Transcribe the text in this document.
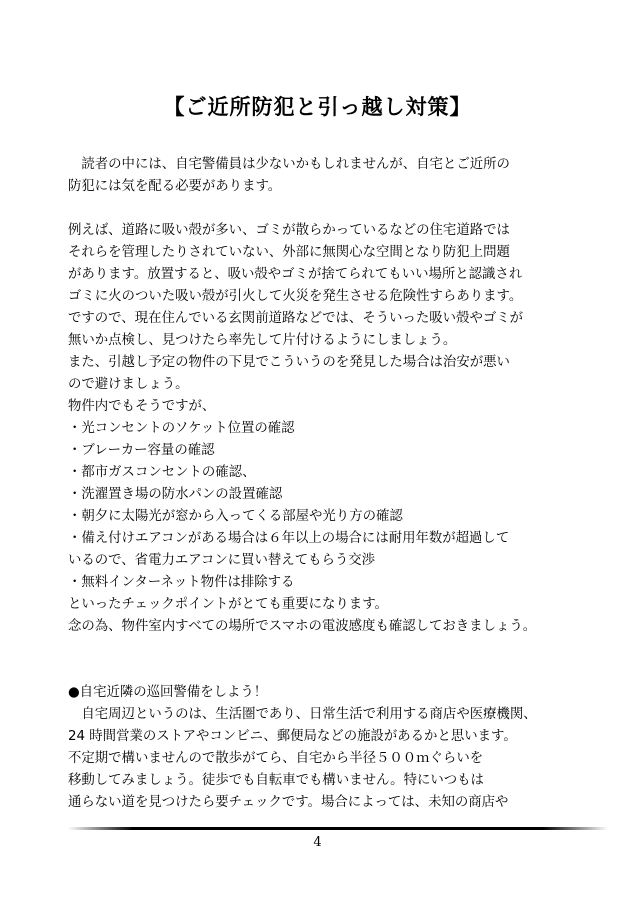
【ご近所防犯と引っ越し対策】
　読者の中には、自宅警備員は少ないかもしれませんが、自宅とご近所の
防犯には気を配る必要があります。
例えば、道路に吸い殻が多い、ゴミが散らかっているなどの住宅道路では
それらを管理したりされていない、外部に無関心な空間となり防犯上問題
があります。放置すると、吸い殻やゴミが捨てられてもいい場所と認識され
ゴミに火のついた吸い殻が引火して火災を発生させる危険性すらあります。
ですので、現在住んでいる玄関前道路などでは、そういった吸い殻やゴミが
無いか点検し、見つけたら率先して片付けるようにしましょう。
また、引越し予定の物件の下見でこういうのを発見した場合は治安が悪い
ので避けましょう。
物件内でもそうですが、
・光コンセントのソケット位置の確認
・ブレーカー容量の確認
・都市ガスコンセントの確認、
・洗濯置き場の防水パンの設置確認
・朝夕に太陽光が窓から入ってくる部屋や光り方の確認
・備え付けエアコンがある場合は６年以上の場合には耐用年数が超過して
いるので、省電力エアコンに買い替えてもらう交渉
・無料インターネット物件は排除する
といったチェックポイントがとても重要になります。
念の為、物件室内すべての場所でスマホの電波感度も確認しておきましょう。
●自宅近隣の巡回警備をしよう！
　自宅周辺というのは、生活圏であり、日常生活で利用する商店や医療機関、
24 時間営業のストアやコンビニ、郵便局などの施設があるかと思います。
不定期で構いませんので散歩がてら、自宅から半径５００ｍぐらいを
移動してみましょう。徒歩でも自転車でも構いません。特にいつもは
通らない道を見つけたら要チェックです。場合によっては、未知の商店や
4
